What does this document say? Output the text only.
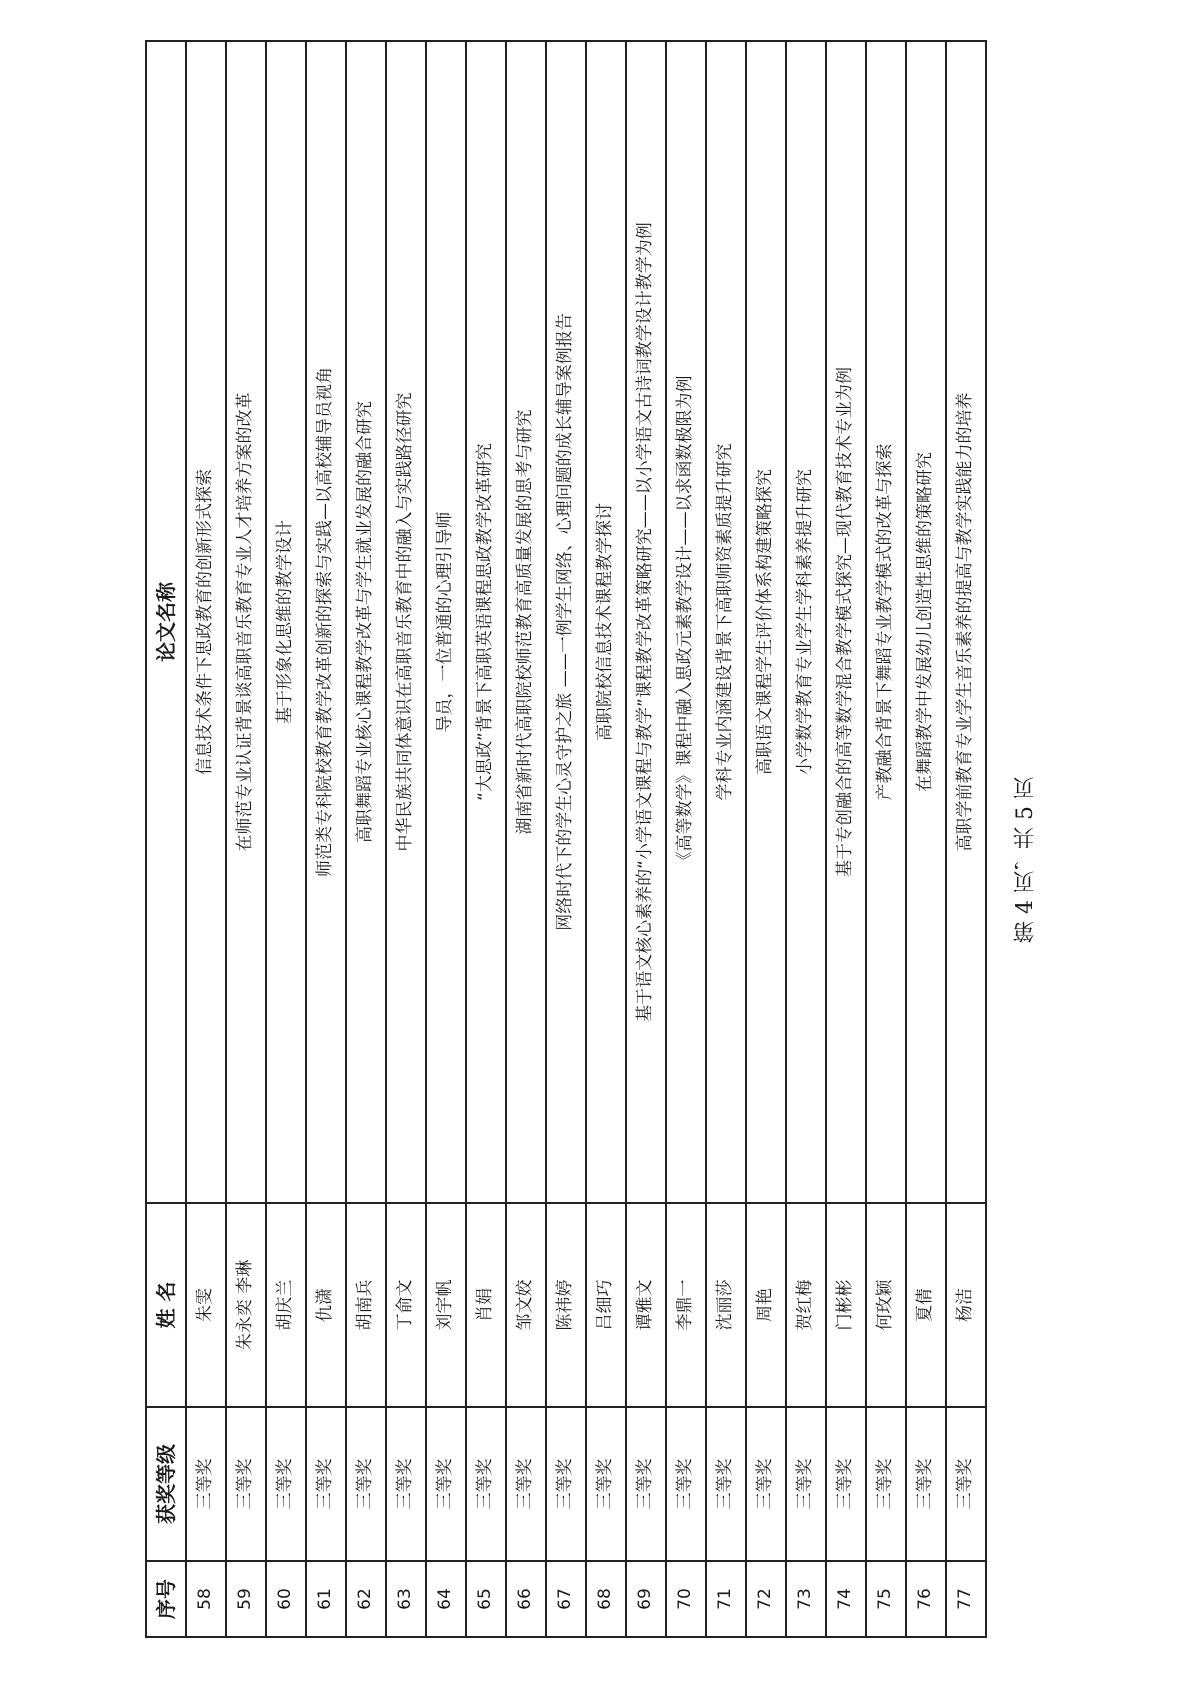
序号	获奖等级	姓 名	论文名称
58	三等奖	朱雯	信息技术条件下思政教育的创新形式探索
59	三等奖	朱永奕 李琳	在师范专业认证背景谈高职音乐教育专业人才培养方案的改革
60	三等奖	胡庆兰	基于形象化思维的教学设计
61	三等奖	仇潇	师范类专科院校教育教学改革创新的探索与实践—以高校辅导员视角
62	三等奖	胡南兵	高职舞蹈专业核心课程教学改革与学生就业发展的融合研究
63	三等奖	丁俞文	中华民族共同体意识在高职音乐教育中的融入与实践路径研究
64	三等奖	刘宇帆	导员，一位普通的心理引导师
65	三等奖	肖娟	“大思政”背景下高职英语课程思政教学改革研究
66	三等奖	邹文姣	湖南省新时代高职院校师范教育高质量发展的思考与研究
67	三等奖	陈祎婷	网络时代下的学生心灵守护之旅 ——一例学生网络、心理问题的成长辅导案例报告
68	三等奖	吕细巧	高职院校信息技术课程教学探讨
69	三等奖	谭雅文	基于语文核心素养的“小学语文课程与教学”课程教学改革策略研究——以小学语文古诗词教学设计教学为例
70	三等奖	李鼎一	《高等数学》课程中融入思政元素教学设计——以求函数极限为例
71	三等奖	沈丽莎	学科专业内涵建设背景下高职师资素质提升研究
72	三等奖	周艳	高职语文课程学生评价体系构建策略探究
73	三等奖	贺红梅	小学数学教育专业学生学科素养提升研究
74	三等奖	门彬彬	基于专创融合的高等数学混合教学模式探究—现代教育技术专业为例
75	三等奖	何玫颖	产教融合背景下舞蹈专业教学模式的改革与探索
76	三等奖	夏倩	在舞蹈教学中发展幼儿创造性思维的策略研究
77	三等奖	杨洁	高职学前教育专业学生音乐素养的提高与教学实践能力的培养
第 4 页，共 5 页
